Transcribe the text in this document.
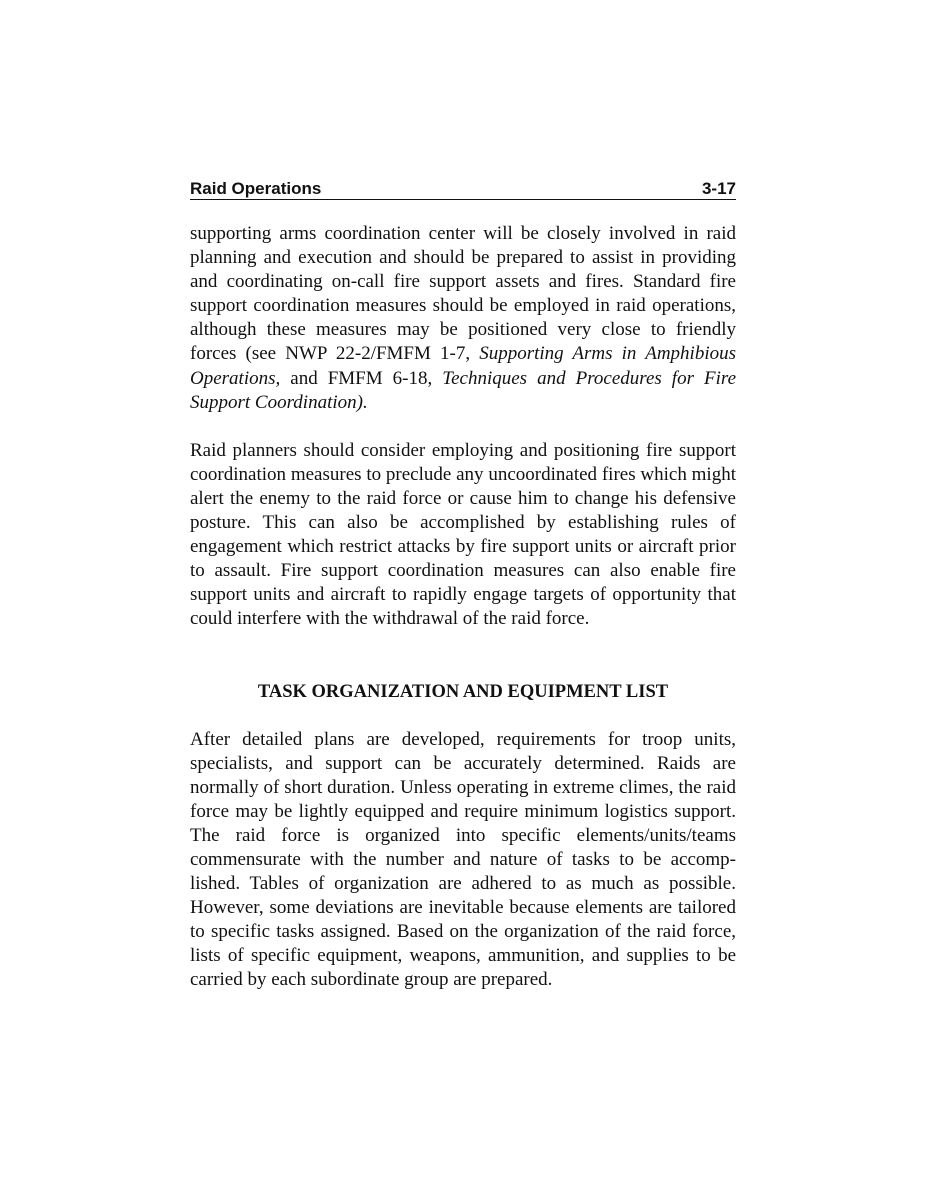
Raid Operations	3-17

supporting arms coordination center will be closely involved in raid planning and execution and should be prepared to assist in providing and coordinating on-call fire support assets and fires. Standard fire support coordination measures should be employed in raid operations, although these measures may be positioned very close to friendly forces (see NWP 22-2/FMFM 1-7, Supporting Arms in Amphibious Operations, and FMFM 6-18, Techniques and Procedures for Fire Support Coordination).

Raid planners should consider employing and positioning fire support coordination measures to preclude any uncoordinated fires which might alert the enemy to the raid force or cause him to change his defensive posture. This can also be accomplished by establishing rules of engagement which restrict attacks by fire support units or aircraft prior to assault. Fire support coordination measures can also enable fire support units and aircraft to rapidly engage targets of opportunity that could interfere with the withdrawal of the raid force.

TASK ORGANIZATION AND EQUIPMENT LIST

After detailed plans are developed, requirements for troop units, specialists, and support can be accurately determined. Raids are normally of short duration. Unless operating in extreme climes, the raid force may be lightly equipped and require minimum logistics support. The raid force is organized into specific elements/units/teams commensurate with the number and nature of tasks to be accomp-lished. Tables of organization are adhered to as much as possible. However, some deviations are inevitable because elements are tailored to specific tasks assigned. Based on the organization of the raid force, lists of specific equipment, weapons, ammunition, and supplies to be carried by each subordinate group are prepared.
